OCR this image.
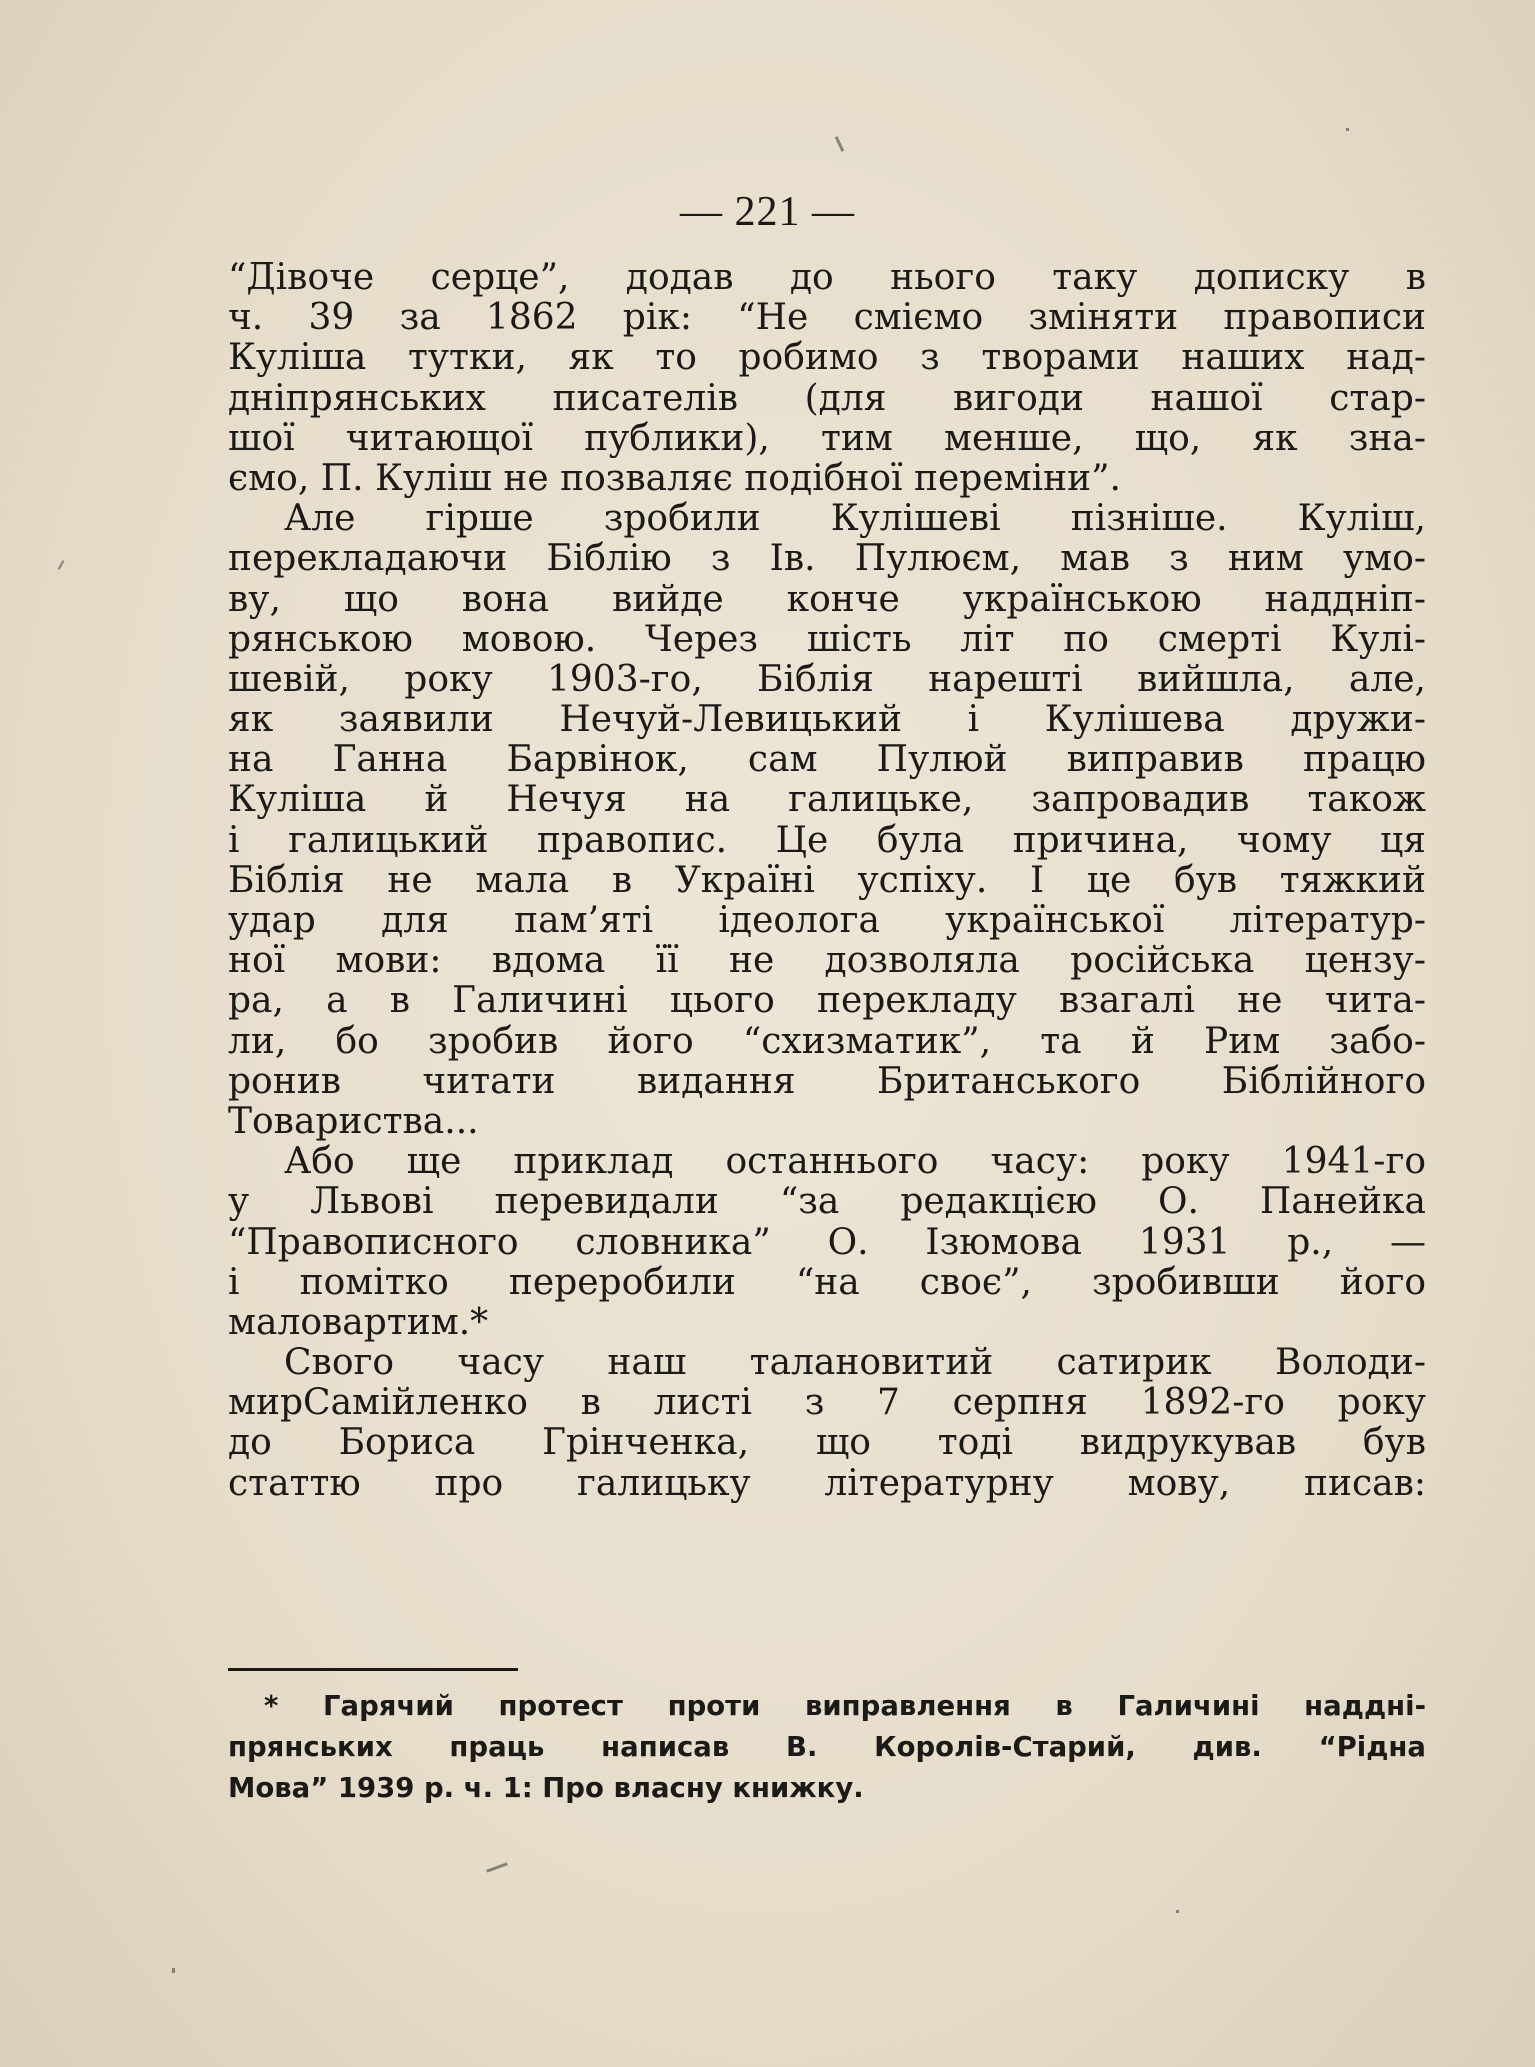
— 221 —
“Дівоче серце”, додав до нього таку дописку в
ч. 39 за 1862 рік: “Не сміємо зміняти правописи
Куліша тутки, як то робимо з творами наших над-
дніпрянських писателів (для вигоди нашої стар-
шої читающої публики), тим менше, що, як зна-
ємо, П. Куліш не позваляє подібної переміни”.
Але гірше зробили Кулішеві пізніше. Куліш,
перекладаючи Біблію з Ів. Пулюєм, мав з ним умо-
ву, що вона вийде конче українською наддніп-
рянською мовою. Через шість літ по смерті Кулі-
шевій, року 1903-го, Біблія нарешті вийшла, але,
як заявили Нечуй-Левицький і Кулішева дружи-
на Ганна Барвінок, сам Пулюй виправив працю
Куліша й Нечуя на галицьке, запровадив також
і галицький правопис. Це була причина, чому ця
Біблія не мала в Україні успіху. І це був тяжкий
удар для пам’яті ідеолога української літератур-
ної мови: вдома її не дозволяла російська цензу-
ра, а в Галичині цього перекладу взагалі не чита-
ли, бо зробив його “схизматик”, та й Рим забо-
ронив читати видання Британського Біблійного
Товариства...
Або ще приклад останнього часу: року 1941-го
у Львові перевидали “за редакцією О. Панейка
“Правописного словника” О. Ізюмова 1931 р., —
і помітко переробили “на своє”, зробивши його
маловартим.*
Свого часу наш талановитий сатирик Володи-
мирСамійленко в листі з 7 серпня 1892-го року
до Бориса Грінченка, що тоді видрукував був
статтю про галицьку літературну мову, писав:
* Гарячий протест проти виправлення в Галичині наддні-
прянських праць написав В. Королів-Старий, див. “Рідна
Мова” 1939 р. ч. 1: Про власну книжку.
